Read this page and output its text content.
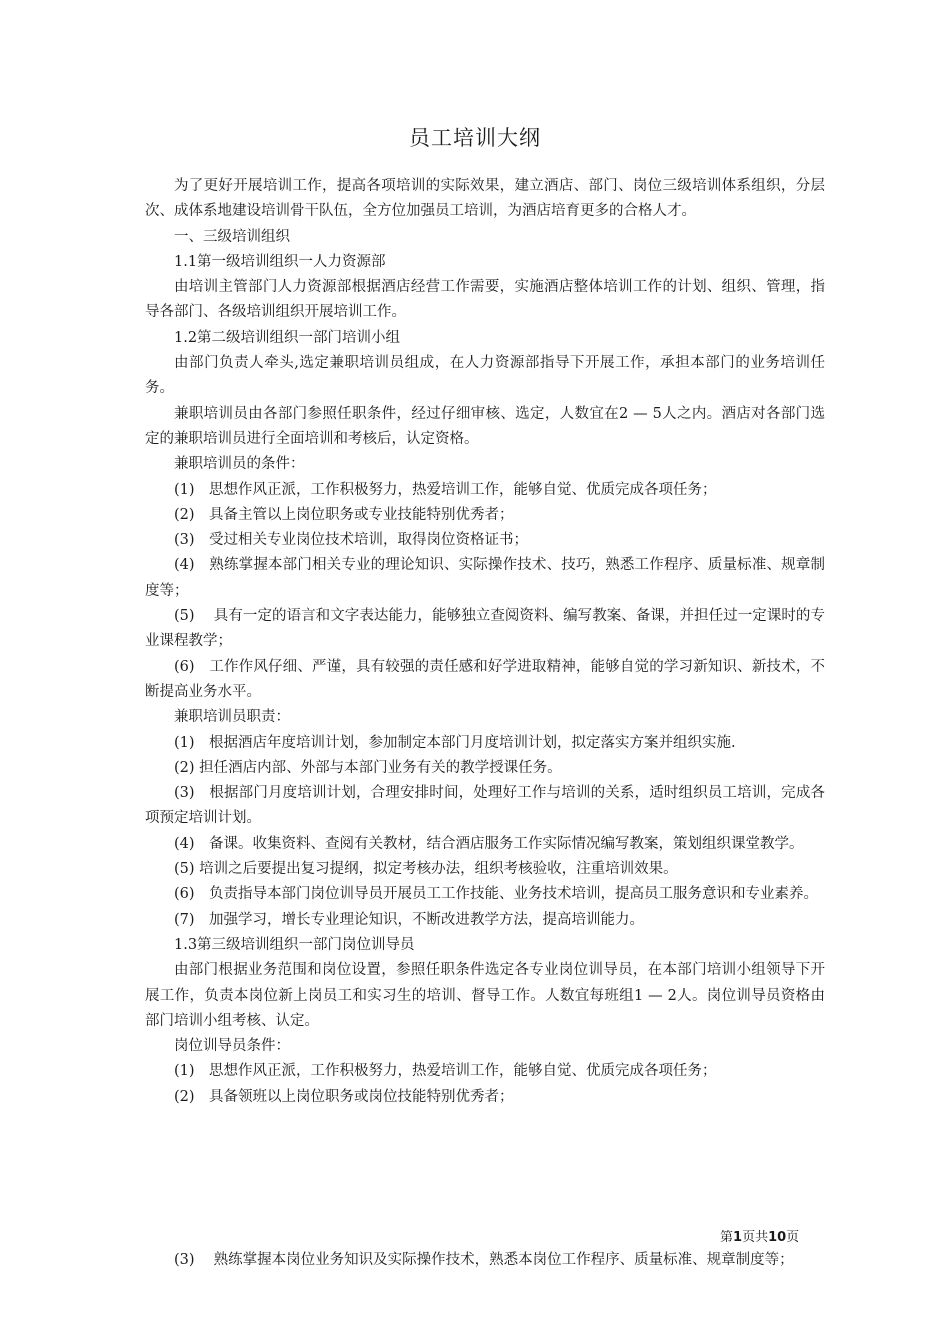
员工培训大纲

为了更好开展培训工作，提高各项培训的实际效果，建立酒店、部门、岗位三级培训体系组织，分层次、成体系地建设培训骨干队伍，全方位加强员工培训，为酒店培育更多的合格人才。

一、三级培训组织

1.1第一级培训组织一人力资源部

由培训主管部门人力资源部根据酒店经营工作需要，实施酒店整体培训工作的计划、组织、管理，指导各部门、各级培训组织开展培训工作。

1.2第二级培训组织一部门培训小组

由部门负责人牵头,选定兼职培训员组成，在人力资源部指导下开展工作，承担本部门的业务培训任务。

兼职培训员由各部门参照任职条件，经过仔细审核、选定，人数宜在2 — 5人之内。酒店对各部门选定的兼职培训员进行全面培训和考核后，认定资格。

兼职培训员的条件：

(1)　思想作风正派，工作积极努力，热爱培训工作，能够自觉、优质完成各项任务；

(2)　具备主管以上岗位职务或专业技能特别优秀者；

(3)　受过相关专业岗位技术培训，取得岗位资格证书；

(4)　熟练掌握本部门相关专业的理论知识、实际操作技术、技巧，熟悉工作程序、质量标准、规章制度等；

(5)　 具有一定的语言和文字表达能力，能够独立查阅资料、编写教案、备课，并担任过一定课时的专业课程教学；

(6)　工作作风仔细、严谨，具有较强的责任感和好学进取精神，能够自觉的学习新知识、新技术，不断提高业务水平。

兼职培训员职责：

(1)　根据酒店年度培训计划，参加制定本部门月度培训计划，拟定落实方案并组织实施.

(2) 担任酒店内部、外部与本部门业务有关的教学授课任务。

(3)　根据部门月度培训计划，合理安排时间，处理好工作与培训的关系，适时组织员工培训，完成各项预定培训计划。

(4)　备课。收集资料、查阅有关教材，结合酒店服务工作实际情况编写教案，策划组织课堂教学。

(5) 培训之后要提出复习提纲，拟定考核办法，组织考核验收，注重培训效果。

(6)　负责指导本部门岗位训导员开展员工工作技能、业务技术培训，提高员工服务意识和专业素养。

(7)　加强学习，增长专业理论知识，不断改进教学方法，提高培训能力。

1.3第三级培训组织一部门岗位训导员

由部门根据业务范围和岗位设置，参照任职条件选定各专业岗位训导员，在本部门培训小组领导下开展工作，负责本岗位新上岗员工和实习生的培训、督导工作。人数宜每班组1 — 2人。岗位训导员资格由部门培训小组考核、认定。

岗位训导员条件：

(1)　思想作风正派，工作积极努力，热爱培训工作，能够自觉、优质完成各项任务；

(2)　具备领班以上岗位职务或岗位技能特别优秀者；

第1页共10页

(3)　 熟练掌握本岗位业务知识及实际操作技术，熟悉本岗位工作程序、质量标准、规章制度等；
